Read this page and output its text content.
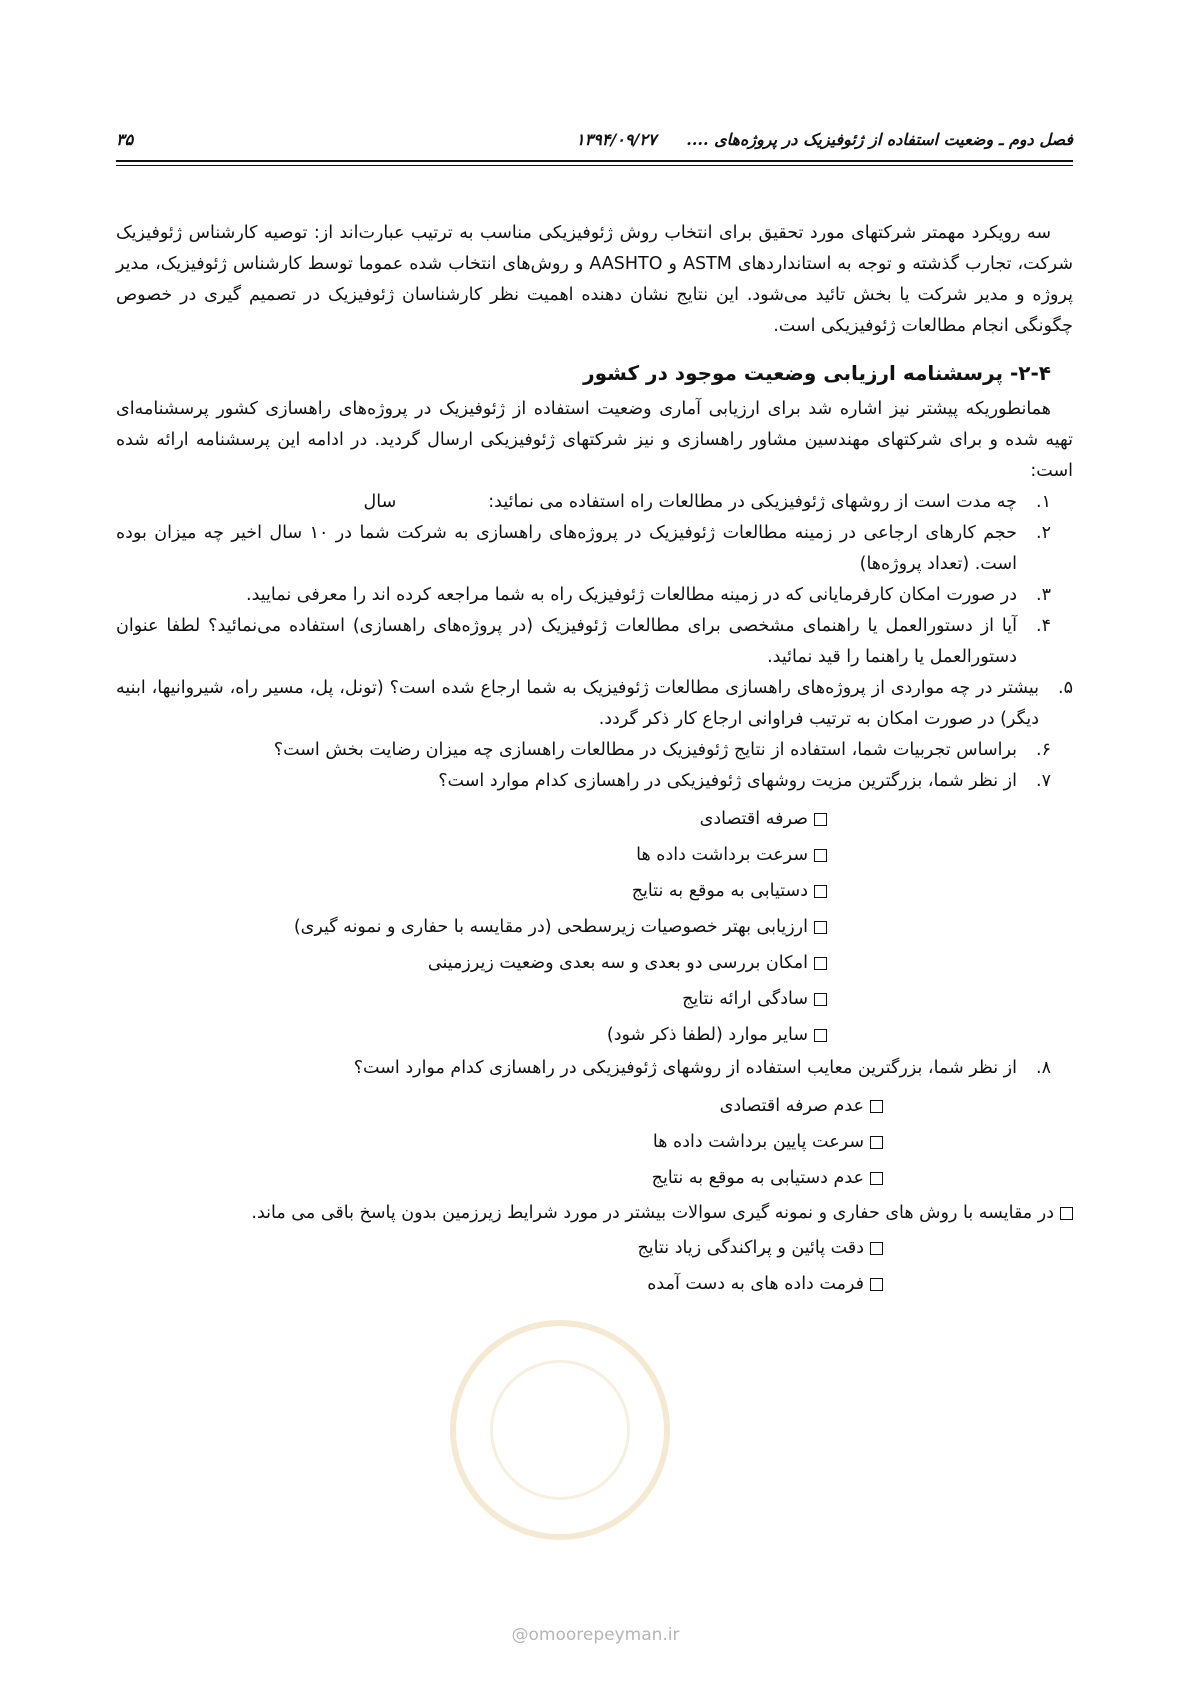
فصل دوم ـ وضعیت استفاده از ژئوفیزیک در پروژه‌های ....
۱۳۹۴/۰۹/۲۷
۳۵

سه رویکرد مهمتر شرکتهای مورد تحقیق برای انتخاب روش ژئوفیزیکی مناسب به ترتیب عبارت‌اند از: توصیه کارشناس ژئوفیزیک شرکت، تجارب گذشته و توجه به استانداردهای ASTM و AASHTO و روش‌های انتخاب شده عموما توسط کارشناس ژئوفیزیک، مدیر پروژه و مدیر شرکت یا بخش تائید می‌شود. این نتایج نشان دهنده اهمیت نظر کارشناسان ژئوفیزیک در تصمیم گیری در خصوص چگونگی انجام مطالعات ژئوفیزیکی است.

۲-۴- پرسشنامه ارزیابی وضعیت موجود در کشور

همانطوریکه پیشتر نیز اشاره شد برای ارزیابی آماری وضعیت استفاده از ژئوفیزیک در پروژه‌های راهسازی کشور پرسشنامه‌ای تهیه شده و برای شرکتهای مهندسین مشاور راهسازی و نیز شرکتهای ژئوفیزیکی ارسال گردید. در ادامه این پرسشنامه ارائه شده است:

۱.
چه مدت است از روشهای ژئوفیزیکی در مطالعات راه استفاده می نمائید:سال
۲.
حجم کارهای ارجاعی در زمینه مطالعات ژئوفیزیک در پروژه‌های راهسازی به شرکت شما در ۱۰ سال اخیر چه میزان بوده است. (تعداد پروژه‌ها)
۳.
در صورت امکان کارفرمایانی که در زمینه مطالعات ژئوفیزیک راه به شما مراجعه کرده اند را معرفی نمایید.
۴.
آیا از دستورالعمل یا راهنمای مشخصی برای مطالعات ژئوفیزیک (در پروژه‌های راهسازی) استفاده می‌نمائید؟ لطفا عنوان دستورالعمل یا راهنما را قید نمائید.
۵.
بیشتر در چه مواردی از پروژه‌های راهسازی مطالعات ژئوفیزیک به شما ارجاع شده است؟ (تونل، پل، مسیر راه، شیروانیها، ابنیه دیگر) در صورت امکان به ترتیب فراوانی ارجاع کار ذکر گردد.
۶.
براساس تجربیات شما، استفاده از نتایج ژئوفیزیک در مطالعات راهسازی چه میزان رضایت بخش است؟
۷.
از نظر شما، بزرگترین مزیت روشهای ژئوفیزیکی در راهسازی کدام موارد است؟
صرفه اقتصادی
سرعت برداشت داده ها
دستیابی به موقع به نتایج
ارزیابی بهتر خصوصیات زیرسطحی (در مقایسه با حفاری و نمونه گیری)
امکان بررسی دو بعدی و سه بعدی وضعیت زیرزمینی
سادگی ارائه نتایج
سایر موارد (لطفا ذکر شود)
۸.
از نظر شما، بزرگترین معایب استفاده از روشهای ژئوفیزیکی در راهسازی کدام موارد است؟
عدم صرفه اقتصادی
سرعت پایین برداشت داده ها
عدم دستیابی به موقع به نتایج
در مقایسه با روش های حفاری و نمونه گیری سوالات بیشتر در مورد شرایط زیرزمین بدون پاسخ باقی می ماند.
دقت پائین و پراکندگی زیاد نتایج
فرمت داده های به دست آمده
@omoorepeyman.ir
